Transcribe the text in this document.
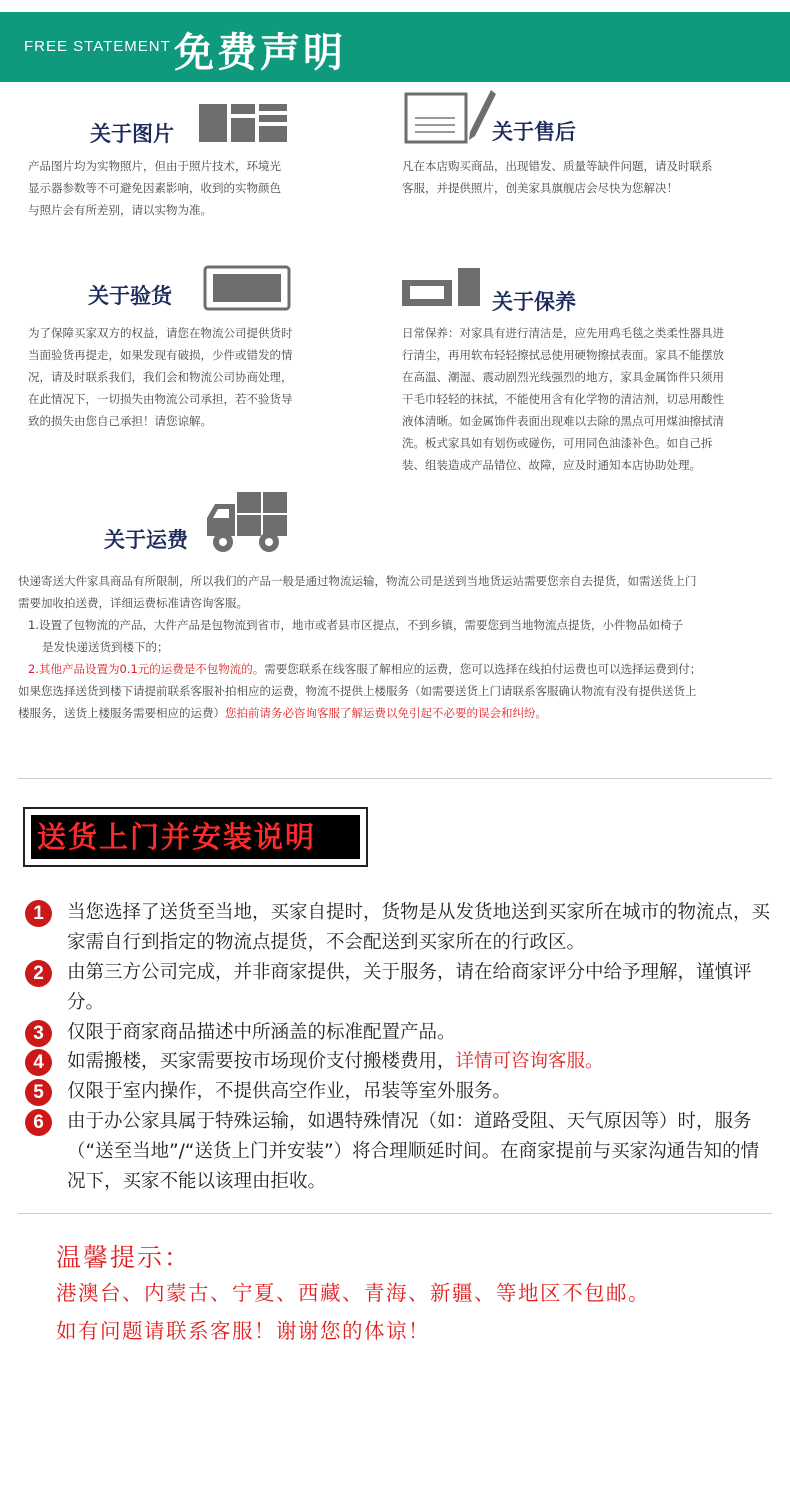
FREE STATEMENT 免费声明
关于图片
产品图片均为实物照片，但由于照片技术，环境光
显示器参数等不可避免因素影响，收到的实物颜色
与照片会有所差别，请以实物为准。
关于售后
凡在本店购买商品，出现错发、质量等缺件问题，请及时联系
客服，并提供照片，创美家具旗舰店会尽快为您解决！
关于验货
为了保障买家双方的权益，请您在物流公司提供货时
当面验货再提走，如果发现有破损，少件或错发的情
况，请及时联系我们，我们会和物流公司协商处理，
在此情况下，一切损失由物流公司承担，若不验货导
致的损失由您自己承担！请您谅解。
关于保养
日常保养：对家具有进行清洁是，应先用鸡毛毯之类柔性器具进
行清尘，再用软布轻轻擦拭忌使用硬物擦拭表面。家具不能摆放
在高温、潮湿、震动剧烈光线强烈的地方，家具金属饰件只须用
干毛巾轻轻的抹拭，不能使用含有化学物的清洁剂，切忌用酸性
液体清晰。如金属饰件表面出现难以去除的黑点可用煤油擦拭清
洗。板式家具如有划伤或碰伤，可用同色油漆补色。如自己拆
装、组装造成产品错位、故障，应及时通知本店协助处理。
关于运费
快递寄送大件家具商品有所限制，所以我们的产品一般是通过物流运输，物流公司是送到当地货运站需要您亲自去提货，如需送货上门
需要加收拍送费，详细运费标准请咨询客服。
1.设置了包物流的产品，大件产品是包物流到省市，地市或者县市区提点，不到乡镇，需要您到当地物流点提货，小件物品如椅子
是发快递送货到楼下的；
2.其他产品设置为0.1元的运费是不包物流的。需要您联系在线客服了解相应的运费，您可以选择在线拍付运费也可以选择运费到付；
如果您选择送货到楼下请提前联系客服补拍相应的运费，物流不提供上楼服务（如需要送货上门请联系客服确认物流有没有提供送货上
楼服务，送货上楼服务需要相应的运费）您拍前请务必咨询客服了解运费以免引起不必要的误会和纠纷。
送货上门并安装说明
1	当您选择了送货至当地，买家自提时，货物是从发货地送到买家所在城市的物流点，买家需自行到指定的物流点提货，不会配送到买家所在的行政区。
2	由第三方公司完成，并非商家提供，关于服务，请在给商家评分中给予理解，谨慎评分。
3	仅限于商家商品描述中所涵盖的标准配置产品。
4	如需搬楼，买家需要按市场现价支付搬楼费用，详情可咨询客服。
5	仅限于室内操作，不提供高空作业，吊装等室外服务。
6	由于办公家具属于特殊运输，如遇特殊情况（如：道路受阻、天气原因等）时，服务（“送至当地”/“送货上门并安装”）将合理顺延时间。在商家提前与买家沟通告知的情况下，买家不能以该理由拒收。
温馨提示：
港澳台、内蒙古、宁夏、西藏、青海、新疆、等地区不包邮。
如有问题请联系客服！谢谢您的体谅！
